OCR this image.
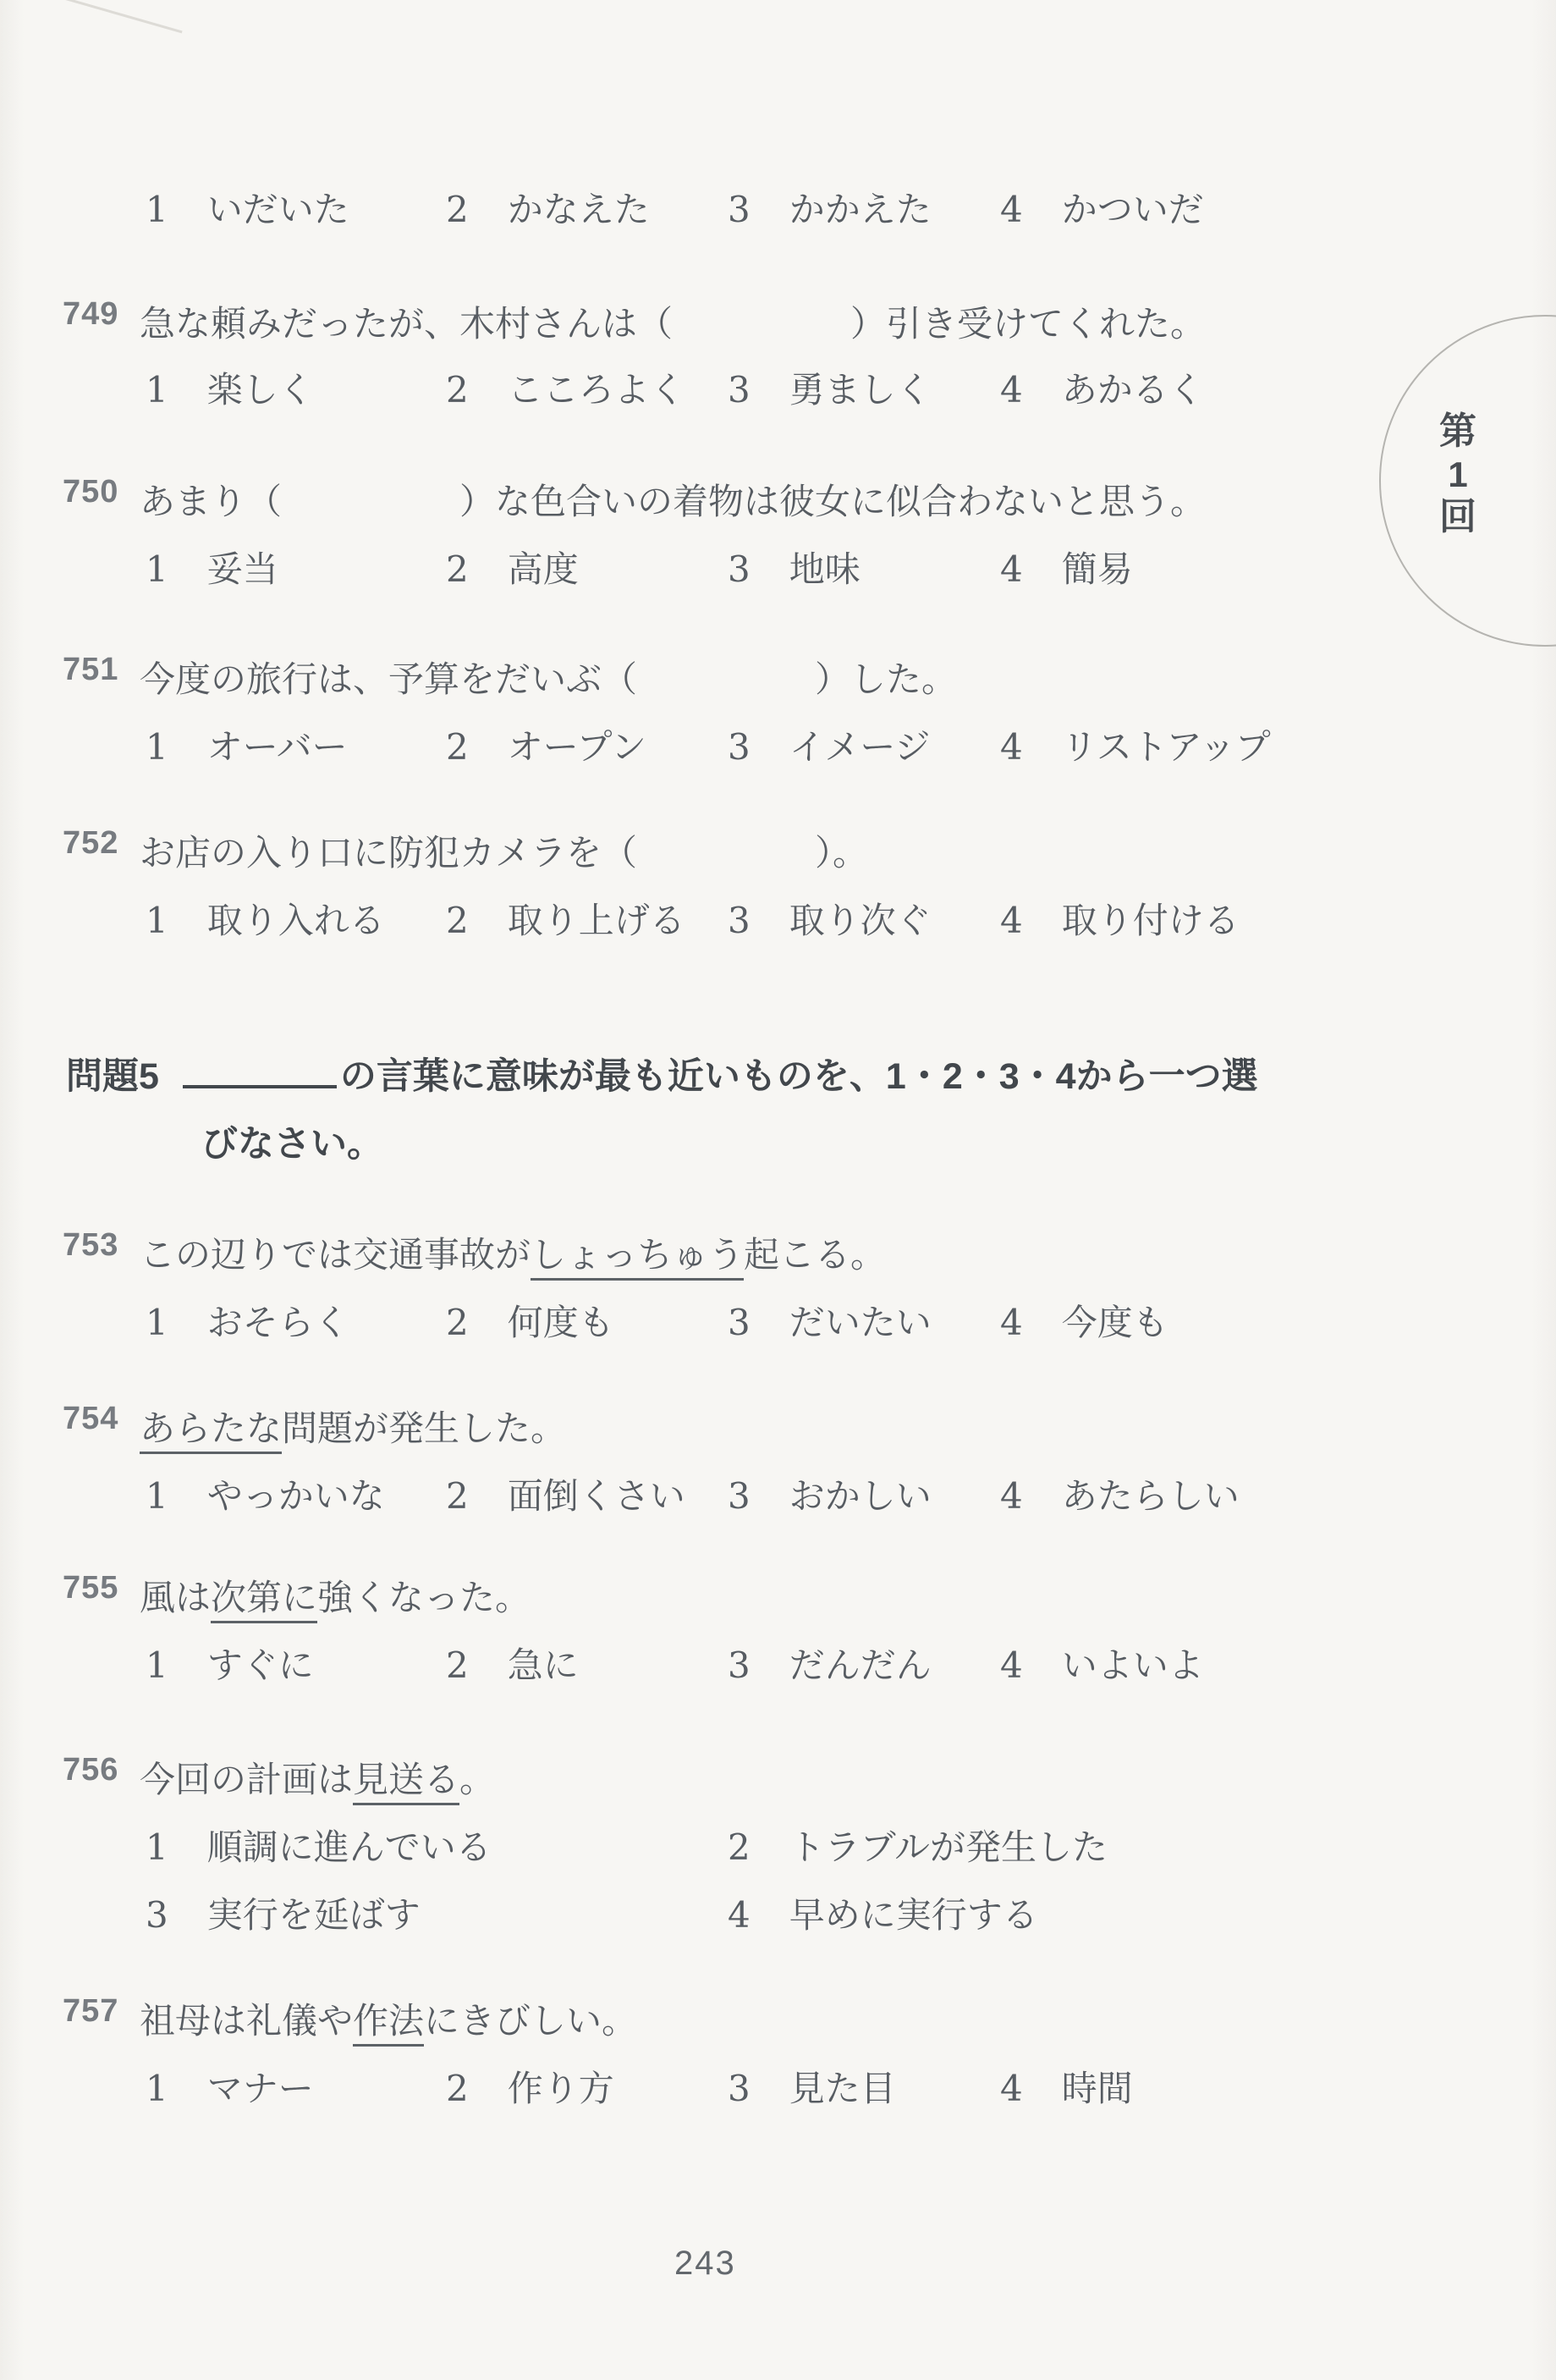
1 いだいた	2 かなえた	3 かかえた	4 かついだ
749 急な頼みだったが、木村さんは（　　　　　）引き受けてくれた。
1 楽しく	2 こころよく	3 勇ましく	4 あかるく
750 あまり（　　　　　）な色合いの着物は彼女に似合わないと思う。
1 妥当	2 高度	3 地味	4 簡易
751 今度の旅行は、予算をだいぶ（　　　　　）した。
1 オーバー	2 オープン	3 イメージ	4 リストアップ
752 お店の入り口に防犯カメラを（　　　　　）。
1 取り入れる	2 取り上げる	3 取り次ぐ	4 取り付ける
問題5	の言葉に意味が最も近いものを、1・2・3・4から一つ選
びなさい。
753 この辺りでは交通事故がしょっちゅう起こる。
1 おそらく	2 何度も	3 だいたい	4 今度も
754 あらたな問題が発生した。
1 やっかいな	2 面倒くさい	3 おかしい	4 あたらしい
755 風は次第に強くなった。
1 すぐに	2 急に	3 だんだん	4 いよいよ
756 今回の計画は見送る。
1 順調に進んでいる	2 トラブルが発生した
3 実行を延ばす	4 早めに実行する
757 祖母は礼儀や作法にきびしい。
1 マナー	2 作り方	3 見た目	4 時間
第
1
回
243
